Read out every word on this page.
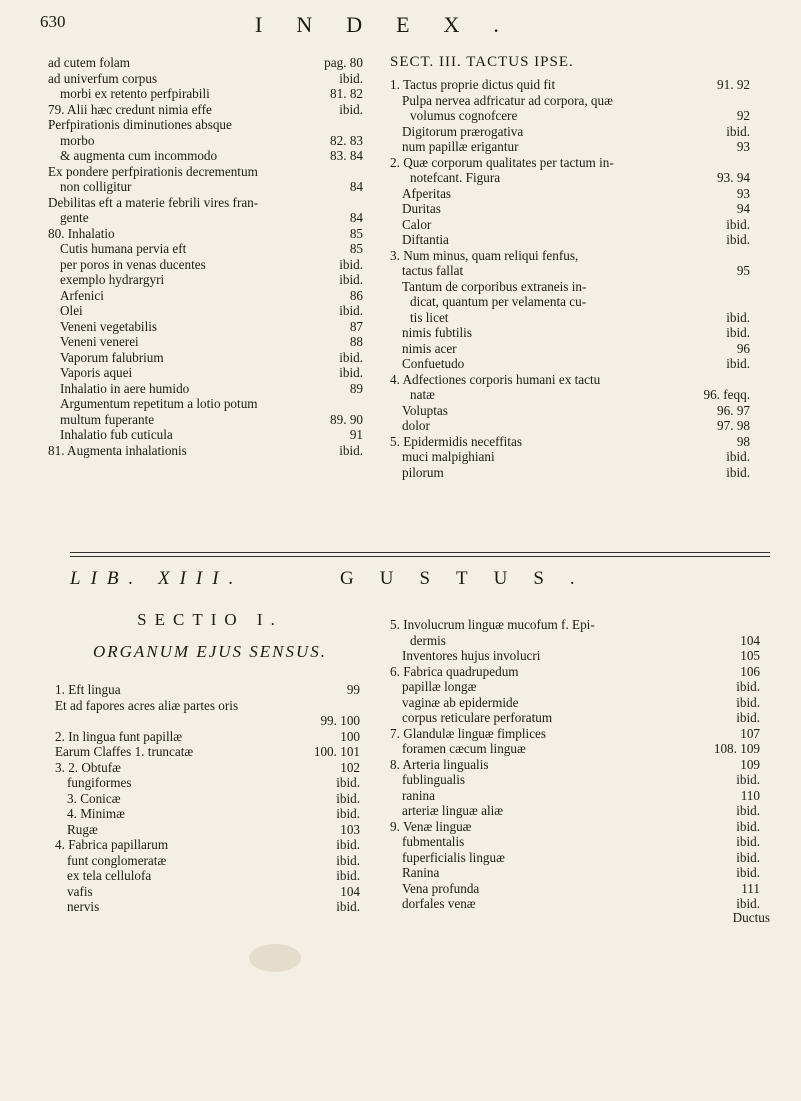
630	INDEX.
ad cutem folam	pag. 80
ad univerfum corpus	ibid.
morbi ex retento perfpirabili	81. 82
79. Alii hæc credunt nimia effe	ibid.
Perfpirationis diminutiones absque
morbo	82. 83
& augmenta cum incommodo	83. 84
Ex pondere perfpirationis decrementum
non colligitur	84
Debilitas eft a materie febrili vires fran-
gente	84
80. Inhalatio	85
Cutis humana pervia eft	85
per poros in venas ducentes	ibid.
exemplo hydrargyri	ibid.
Arfenici	86
Olei	ibid.
Veneni vegetabilis	87
Veneni venerei	88
Vaporum falubrium	ibid.
Vaporis aquei	ibid.
Inhalatio in aere humido	89
Argumentum repetitum a lotio potum
multum fuperante	89. 90
Inhalatio fub cuticula	91
81. Augmenta inhalationis	ibid.
SECT. III. TACTUS IPSE.
1. Tactus proprie dictus quid fit	91. 92
Pulpa nervea adfricatur ad corpora, quæ
volumus cognofcere	92
Digitorum prærogativa	ibid.
num papillæ erigantur	93
2. Quæ corporum qualitates per tactum in-
notefcant. Figura	93. 94
Afperitas	93
Duritas	94
Calor	ibid.
Diftantia	ibid.
3. Num minus, quam reliqui fenfus,
tactus fallat	95
Tantum de corporibus extraneis in-
dicat, quantum per velamenta cu-
tis licet	ibid.
nimis fubtilis	ibid.
nimis acer	96
Confuetudo	ibid.
4. Adfectiones corporis humani ex tactu
natæ	96. feqq.
Voluptas	96. 97
dolor	97. 98
5. Epidermidis neceffitas	98
muci malpighiani	ibid.
pilorum	ibid.
LIB. XIII.	GUSTUS.
SECTIO I.
ORGANUM EJUS SENSUS.
1. Eft lingua	99
Et ad fapores acres aliæ partes oris
99. 100
2. In lingua funt papillæ	100
Earum Claffes 1. truncatæ	100. 101
3. 2. Obtufæ	102
fungiformes	ibid.
3. Conicæ	ibid.
4. Minimæ	ibid.
Rugæ	103
4. Fabrica papillarum	ibid.
funt conglomeratæ	ibid.
ex tela cellulofa	ibid.
vafis	104
nervis	ibid.
5. Involucrum linguæ mucofum f. Epi-
dermis	104
Inventores hujus involucri	105
6. Fabrica quadrupedum	106
papillæ longæ	ibid.
vaginæ ab epidermide	ibid.
corpus reticulare perforatum	ibid.
7. Glandulæ linguæ fimplices	107
foramen cæcum linguæ	108. 109
8. Arteria lingualis	109
fublingualis	ibid.
ranina	110
arteriæ linguæ aliæ	ibid.
9. Venæ linguæ	ibid.
fubmentalis	ibid.
fuperficialis linguæ	ibid.
Ranina	ibid.
Vena profunda	111
dorfales venæ	ibid.
Ductus
